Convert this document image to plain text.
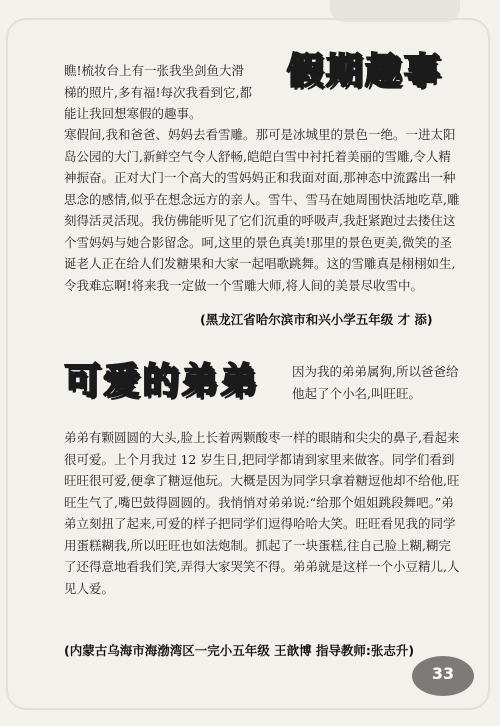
假期趣事

瞧!梳妆台上有一张我坐剑鱼大滑梯的照片,多有福!每次我看到它,都能让我回想寒假的趣事。

寒假间,我和爸爸、妈妈去看雪雕。那可是冰城里的景色一绝。一进太阳岛公园的大门,新鲜空气令人舒畅,皑皑白雪中衬托着美丽的雪雕,令人精神振奋。正对大门一个高大的雪妈妈正和我面对面,那神态中流露出一种思念的感情,似乎在想念远方的亲人。雪牛、雪马在她周围快活地吃草,雕刻得活灵活现。我仿佛能听见了它们沉重的呼吸声,我赶紧跑过去搂住这个雪妈妈与她合影留念。呵,这里的景色真美!那里的景色更美,微笑的圣诞老人正在给人们发糖果和大家一起唱歌跳舞。这的雪雕真是栩栩如生,令我难忘啊!将来我一定做一个雪雕大师,将人间的美景尽收雪中。

(黑龙江省哈尔滨市和兴小学五年级 才 添)
可爱的弟弟	因为我的弟弟属狗,所以爸爸给他起了个小名,叫旺旺。

弟弟有颗圆圆的大头,脸上长着两颗酸枣一样的眼睛和尖尖的鼻子,看起来很可爱。上个月我过 12 岁生日,把同学都请到家里来做客。同学们看到旺旺很可爱,便拿了糖逗他玩。大概是因为同学只拿着糖逗他却不给他,旺旺生气了,嘴巴鼓得圆圆的。我悄悄对弟弟说:“给那个姐姐跳段舞吧。”弟弟立刻扭了起来,可爱的样子把同学们逗得哈哈大笑。旺旺看见我的同学用蛋糕糊我,所以旺旺也如法炮制。抓起了一块蛋糕,往自己脸上糊,糊完了还得意地看我们笑,弄得大家哭笑不得。弟弟就是这样一个小豆精儿,人见人爱。

(内蒙古乌海市海渤湾区一完小五年级 王歆博 指导教师:张志升)
33
